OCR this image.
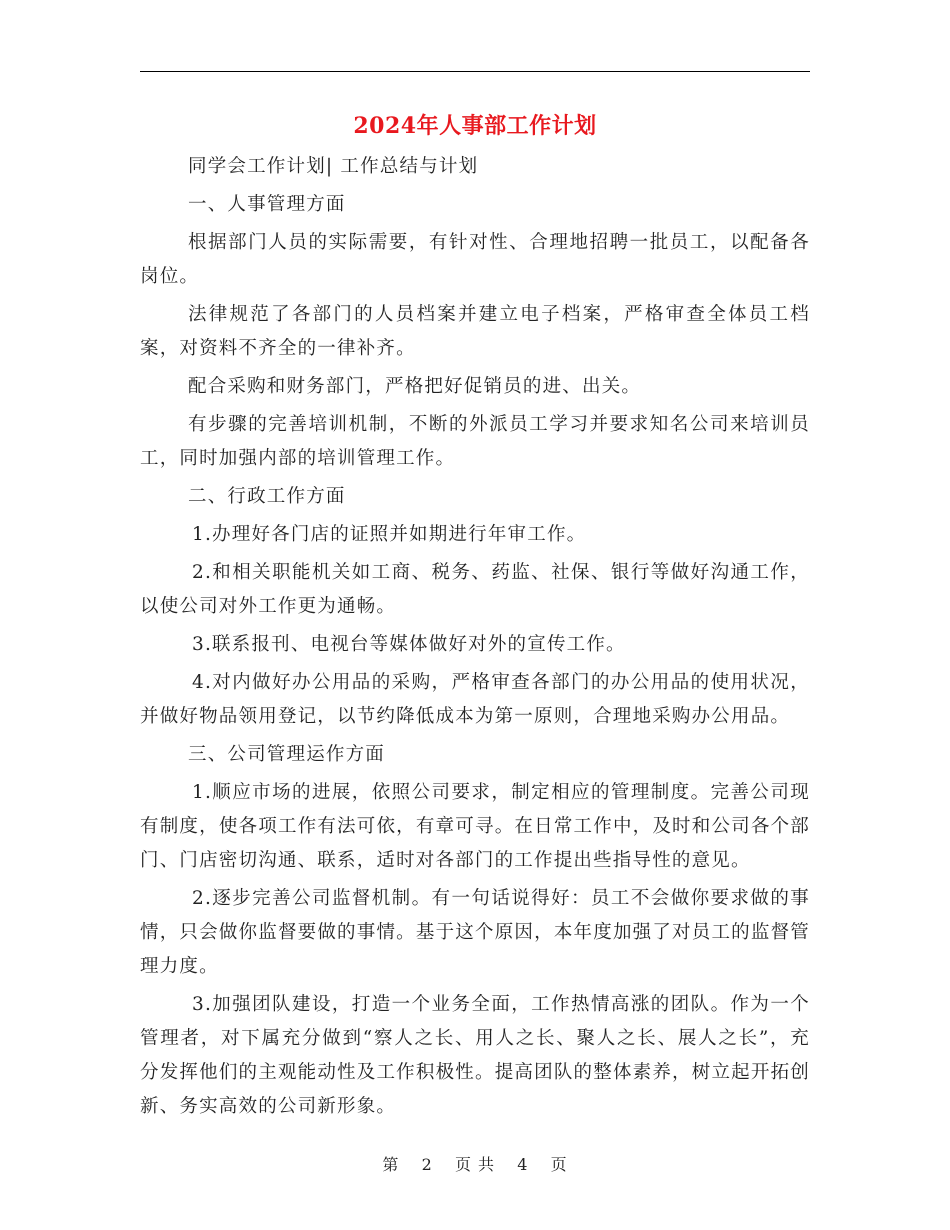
2024年人事部工作计划

同学会工作计划| 工作总结与计划

一、人事管理方面

根据部门人员的实际需要，有针对性、合理地招聘一批员工，以配备各岗位。

法律规范了各部门的人员档案并建立电子档案，严格审查全体员工档案，对资料不齐全的一律补齐。

配合采购和财务部门，严格把好促销员的进、出关。

有步骤的完善培训机制，不断的外派员工学习并要求知名公司来培训员工，同时加强内部的培训管理工作。

二、行政工作方面

1.办理好各门店的证照并如期进行年审工作。

2.和相关职能机关如工商、税务、药监、社保、银行等做好沟通工作，以使公司对外工作更为通畅。

3.联系报刊、电视台等媒体做好对外的宣传工作。

4.对内做好办公用品的采购，严格审查各部门的办公用品的使用状况，并做好物品领用登记，以节约降低成本为第一原则，合理地采购办公用品。

三、公司管理运作方面

1.顺应市场的进展，依照公司要求，制定相应的管理制度。完善公司现有制度，使各项工作有法可依，有章可寻。在日常工作中，及时和公司各个部门、门店密切沟通、联系，适时对各部门的工作提出些指导性的意见。

2.逐步完善公司监督机制。有一句话说得好：员工不会做你要求做的事情，只会做你监督要做的事情。基于这个原因，本年度加强了对员工的监督管理力度。

3.加强团队建设，打造一个业务全面，工作热情高涨的团队。作为一个管理者，对下属充分做到“察人之长、用人之长、聚人之长、展人之长”，充分发挥他们的主观能动性及工作积极性。提高团队的整体素养，树立起开拓创新、务实高效的公司新形象。

第 2 页 共 4 页
